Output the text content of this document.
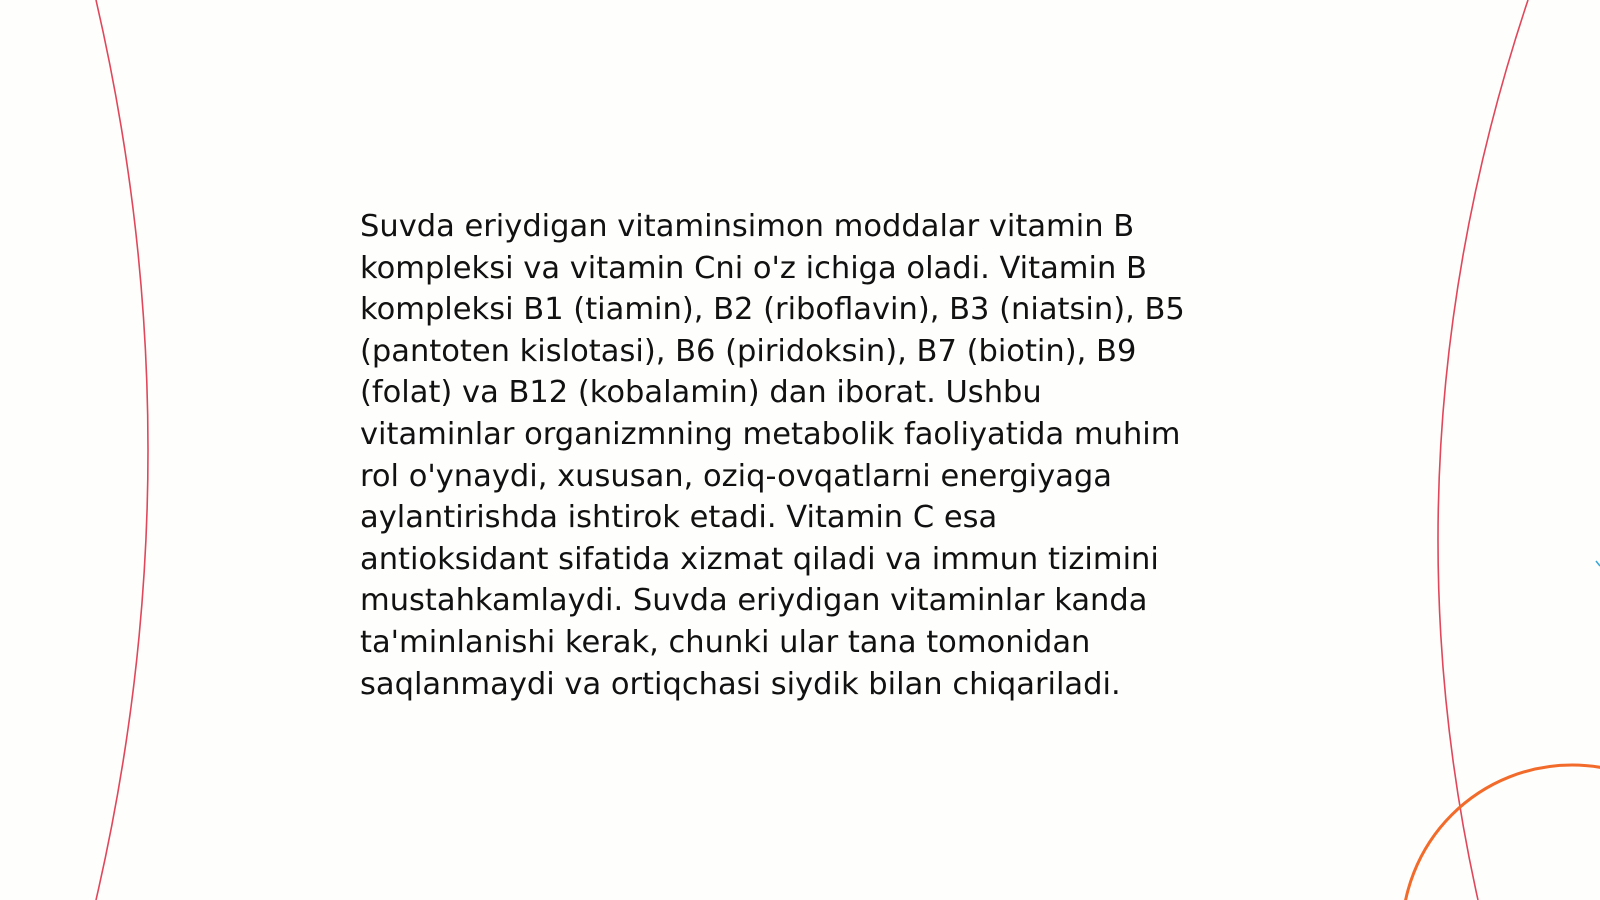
Suvda eriydigan vitaminsimon moddalar vitamin B
kompleksi va vitamin Cni o'z ichiga oladi. Vitamin B
kompleksi B1 (tiamin), B2 (riboflavin), B3 (niatsin), B5
(pantoten kislotasi), B6 (piridoksin), B7 (biotin), B9
(folat) va B12 (kobalamin) dan iborat. Ushbu
vitaminlar organizmning metabolik faoliyatida muhim
rol o'ynaydi, xususan, oziq-ovqatlarni energiyaga
aylantirishda ishtirok etadi. Vitamin C esa
antioksidant sifatida xizmat qiladi va immun tizimini
mustahkamlaydi. Suvda eriydigan vitaminlar kanda
ta'minlanishi kerak, chunki ular tana tomonidan
saqlanmaydi va ortiqchasi siydik bilan chiqariladi.
